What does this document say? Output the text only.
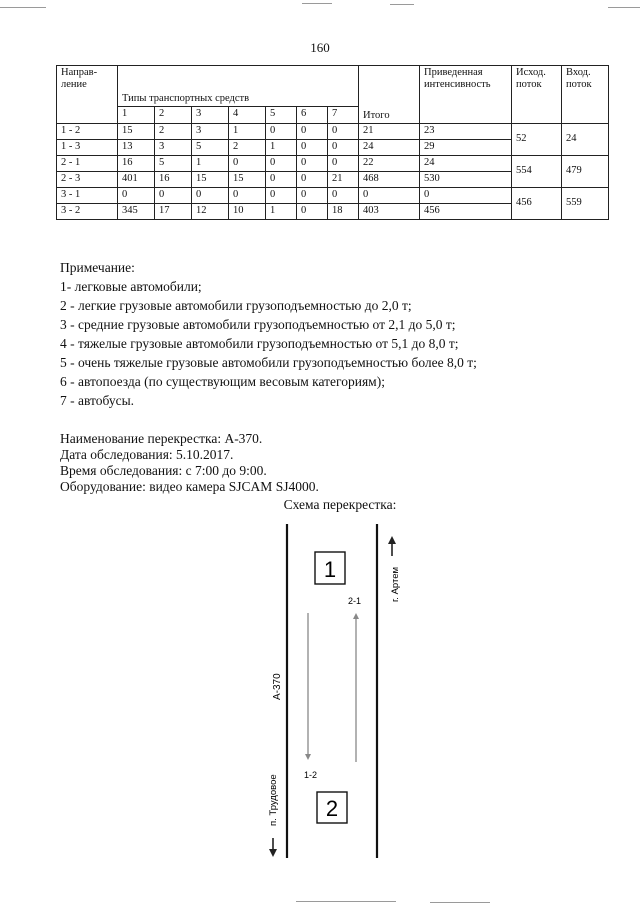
160
Направ-
ление	Типы транспортных средств							Итого	Приведенная интенсивность	Исход. поток	Вход. поток
	1	2	3	4	5	6	7				

1 - 2	15	2	3	1	0	0	0	21	23	52	24
1 - 3	13	3	5	2	1	0	0	24	29		
2 - 1	16	5	1	0	0	0	0	22	24	554	479
2 - 3	401	16	15	15	0	0	21	468	530		
3 - 1	0	0	0	0	0	0	0	0	0	456	559
3 - 2	345	17	12	10	1	0	18	403	456		
Примечание:
1- легковые автомобили;
2 - легкие грузовые автомобили грузоподъемностью до 2,0 т;
3 - средние грузовые автомобили грузоподъемностью от 2,1 до 5,0 т;
4 - тяжелые грузовые автомобили грузоподъемностью от 5,1 до 8,0 т;
5 - очень тяжелые грузовые автомобили грузоподъемностью более 8,0 т;
6 - автопоезда (по существующим весовым категориям);
7 - автобусы.
Наименование перекрестка: А-370.
Дата обследования: 5.10.2017.
Время обследования: с 7:00 до 9:00.
Оборудование: видео камера SJCAM SJ4000.
Схема перекрестка:
1
2
1-2
2-1
А-370
п. Трудовое
г. Артем
